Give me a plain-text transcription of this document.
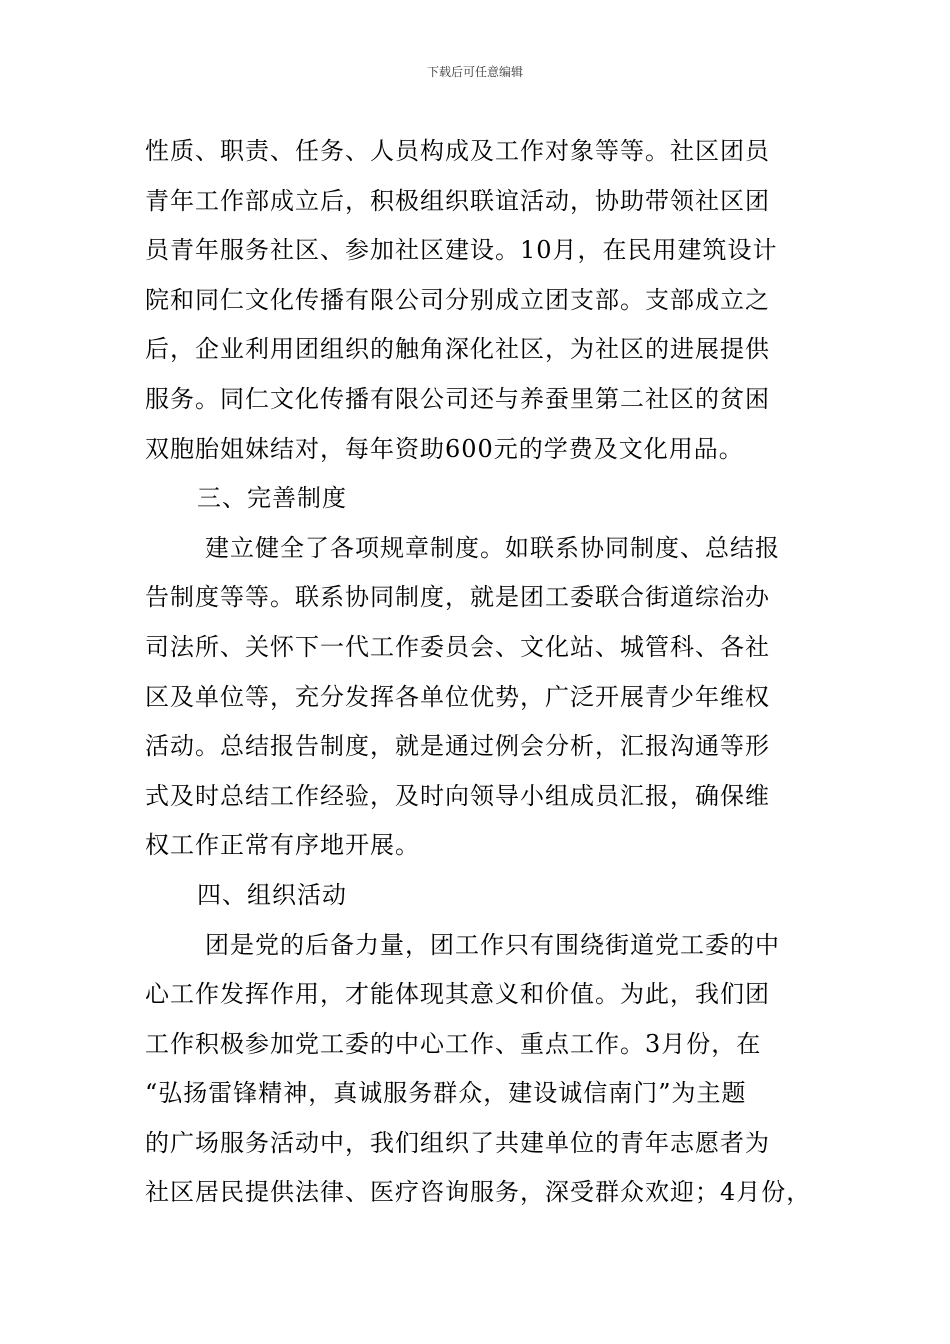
下载后可任意编辑
性质、职责、任务、人员构成及工作对象等等。社区团员
青年工作部成立后，积极组织联谊活动，协助带领社区团
员青年服务社区、参加社区建设。10月，在民用建筑设计
院和同仁文化传播有限公司分别成立团支部。支部成立之
后，企业利用团组织的触角深化社区，为社区的进展提供
服务。同仁文化传播有限公司还与养蚕里第二社区的贫困
双胞胎姐妹结对，每年资助600元的学费及文化用品。
三、完善制度
建立健全了各项规章制度。如联系协同制度、总结报
告制度等等。联系协同制度，就是团工委联合街道综治办
司法所、关怀下一代工作委员会、文化站、城管科、各社
区及单位等，充分发挥各单位优势，广泛开展青少年维权
活动。总结报告制度，就是通过例会分析，汇报沟通等形
式及时总结工作经验，及时向领导小组成员汇报，确保维
权工作正常有序地开展。
四、组织活动
团是党的后备力量，团工作只有围绕街道党工委的中
心工作发挥作用，才能体现其意义和价值。为此，我们团
工作积极参加党工委的中心工作、重点工作。3月份，在
“弘扬雷锋精神，真诚服务群众，建设诚信南门”为主题
的广场服务活动中，我们组织了共建单位的青年志愿者为
社区居民提供法律、医疗咨询服务，深受群众欢迎；4月份，
